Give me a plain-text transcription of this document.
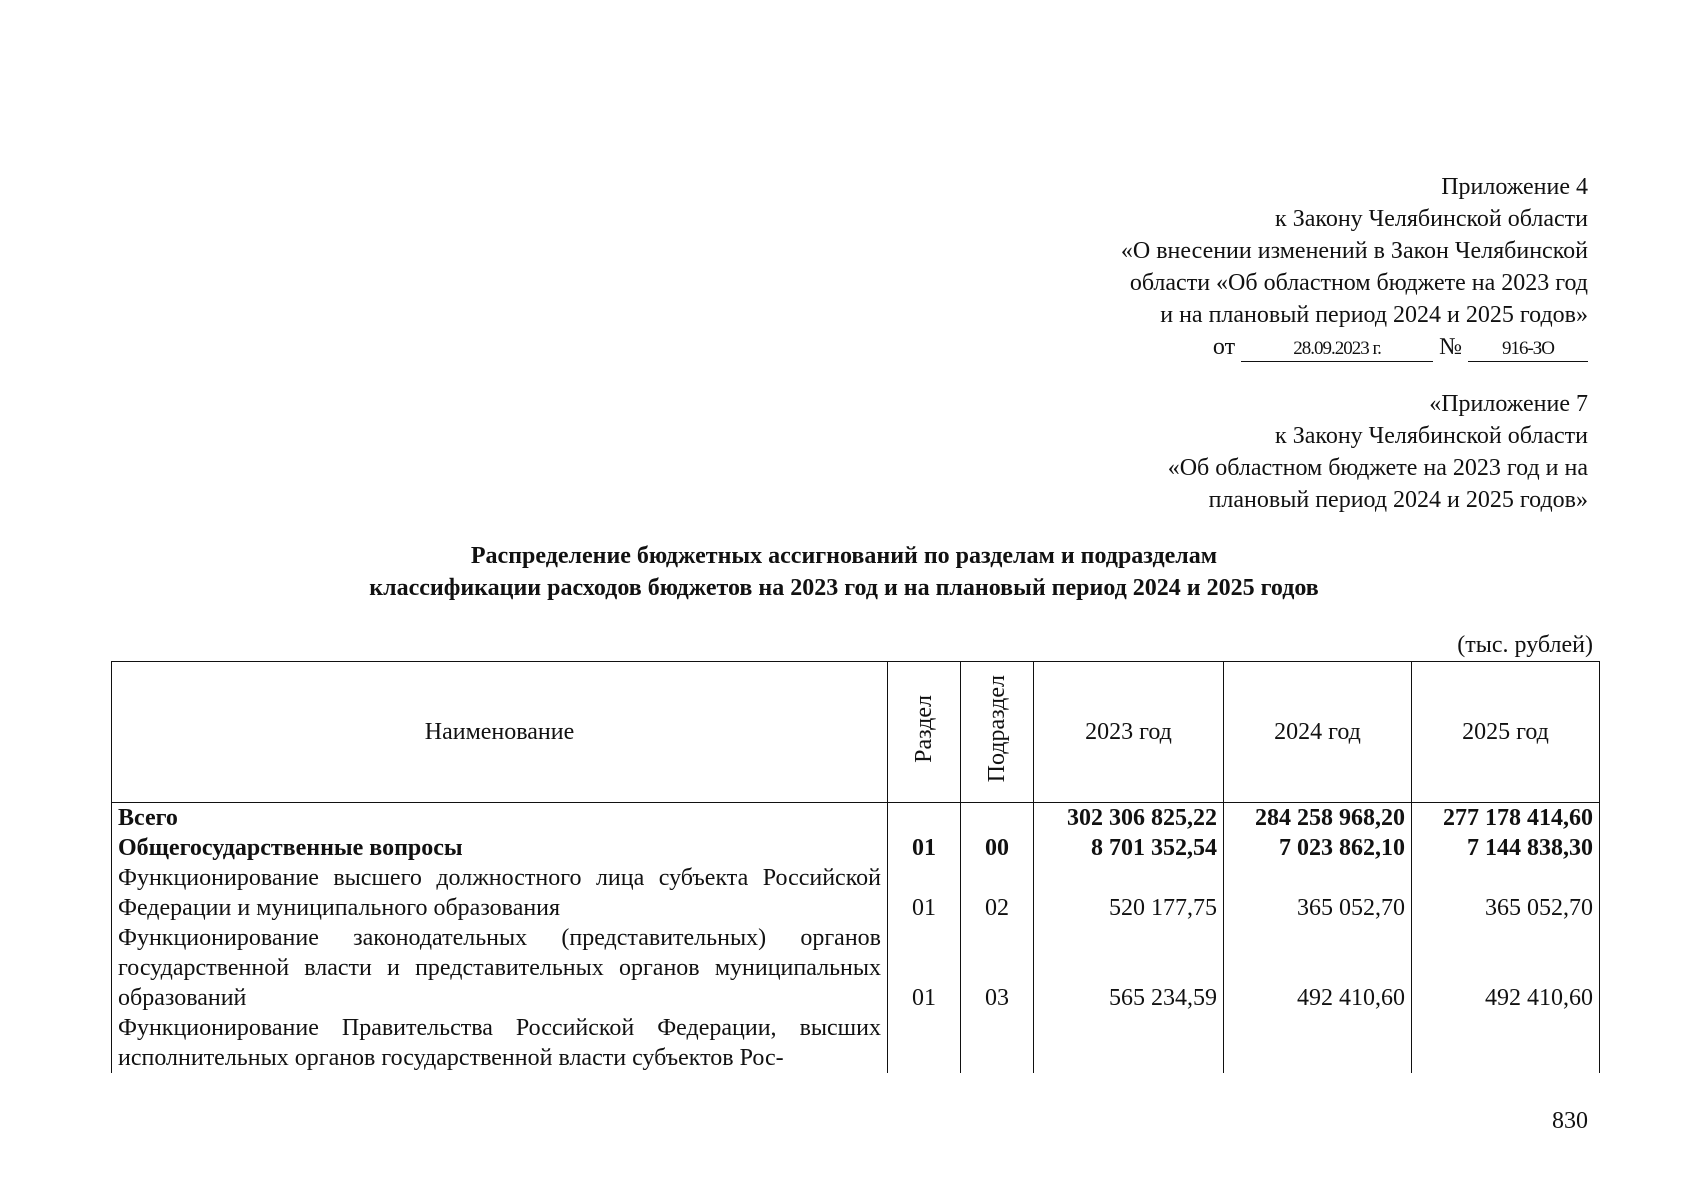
Приложение 4
к Закону Челябинской области
«О внесении изменений в Закон Челябинской
области «Об областном бюджете на 2023 год
и на плановый период 2024 и 2025 годов»
от	28.09.2023 г. № 916-ЗО
«Приложение 7
к Закону Челябинской области
«Об областном бюджете на 2023 год и на
плановый период 2024 и 2025 годов»
Распределение бюджетных ассигнований по разделам и подразделам
классификации расходов бюджетов на 2023 год и на плановый период 2024 и 2025 годов
(тыс. рублей)
Наименование	Раздел	Подраздел	2023 год	2024 год	2025 год
Всего			302 306 825,22	284 258 968,20	277 178 414,60
Общегосударственные вопросы	01	00	8 701 352,54	7 023 862,10	7 144 838,30
Функционирование высшего должностного лица субъекта Российской Федерации и муниципального образования	01	02	520 177,75	365 052,70	365 052,70
Функционирование законодательных (представительных) органов государственной власти и представительных органов муниципальных образований	01	03	565 234,59	492 410,60	492 410,60
Функционирование Правительства Российской Федерации, высших исполнительных органов государственной власти субъектов Рос-					
830
